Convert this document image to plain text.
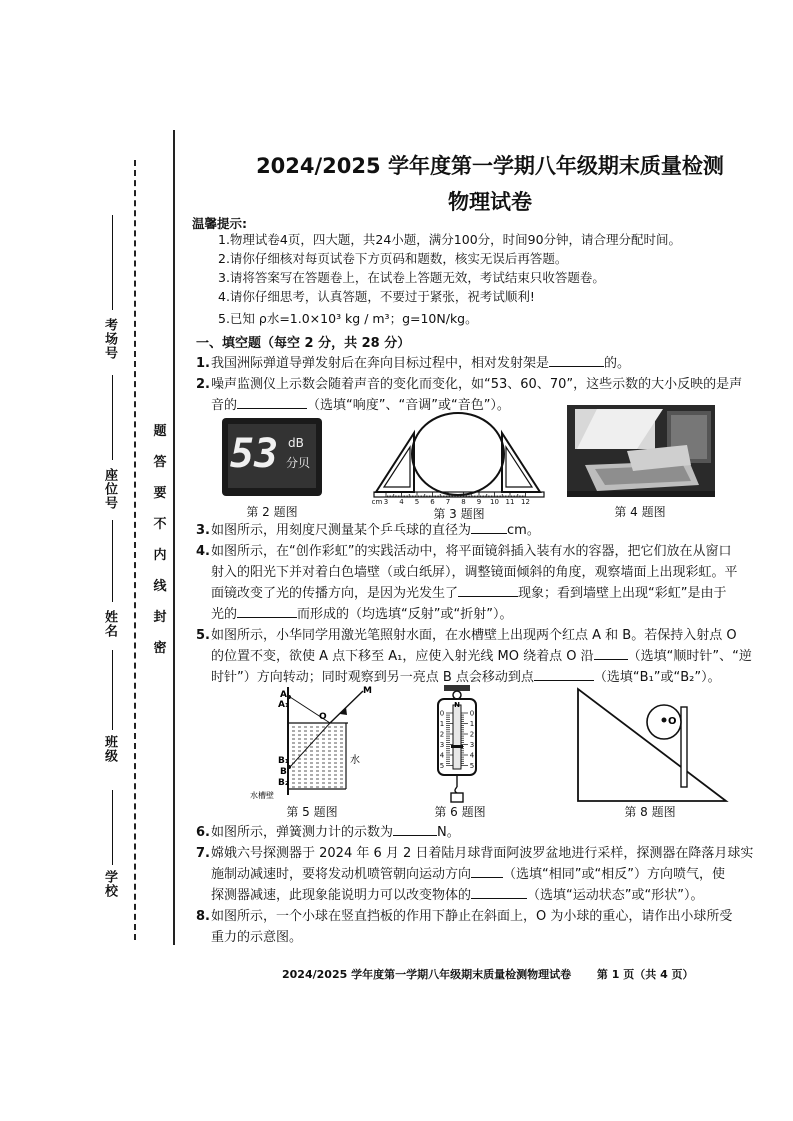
考场号
座位号
姓名
班级
学校
题
答
要
不
内
线
封
密
2024/2025 学年度第一学期八年级期末质量检测
物理试卷
温馨提示:

1.物理试卷4页，四大题，共24小题，满分100分，时间90分钟，请合理分配时间。

2.请你仔细核对每页试卷下方页码和题数，核实无误后再答题。

3.请将答案写在答题卷上，在试卷上答题无效，考试结束只收答题卷。

4.请你仔细思考，认真答题，不要过于紧张，祝考试顺利!

5.已知 ρ水=1.0×10³ kg / m³；g=10N/kg。

一、填空题（每空 2 分，共 28 分）
1.我国洲际弹道导弹发射后在奔向目标过程中，相对发射架是	的。
2.噪声监测仪上示数会随着声音的变化而变化，如“53、60、70”，这些示数的大小反映的是声
音的	（选填“响度”、“音调”或“音色”）。
53 dB
分贝
第 2 题图
3 4 5 6 7 8 9 10 11 12
cm
第 3 题图	第 4 题图
3.如图所示，用刻度尺测量某个乒乓球的直径为	cm。
4.如图所示，在“创作彩虹”的实践活动中，将平面镜斜插入装有水的容器，把它们放在从窗口
射入的阳光下并对着白色墙壁（或白纸屏），调整镜面倾斜的角度，观察墙面上出现彩虹。平
面镜改变了光的传播方向，是因为光发生了	现象；看到墙壁上出现“彩虹”是由于
光的	而形成的（均选填“反射”或“折射”）。
5.如图所示，小华同学用激光笔照射水面，在水槽壁上出现两个红点 A 和 B。若保持入射点 O
的位置不变，欲使 A 点下移至 A₁，应使入射光线 MO 绕着点 O 沿	（选填“顺时针”、“逆
时针”）方向转动；同时观察到另一亮点 B 点会移动到点	（选填“B₁”或“B₂”）。
A
A₁
O
M
B₁
B
B₂
水
水槽壁
第 5 题图
N
0
1
2
3
4
5
0
1
2
3
4
5
第 6 题图
O
第 8 题图
6.如图所示，弹簧测力计的示数为	N。
7.嫦娥六号探测器于 2024 年 6 月 2 日着陆月球背面阿波罗盆地进行采样，探测器在降落月球实
施制动减速时，要将发动机喷管朝向运动方向 （选填“相同”或“相反”）方向喷气，使
探测器减速，此现象能说明力可以改变物体的	（选填“运动状态”或“形状”）。
8.如图所示，一个小球在竖直挡板的作用下静止在斜面上，O 为小球的重心，请作出小球所受
重力的示意图。
2024/2025 学年度第一学期八年级期末质量检测物理试卷 第 1 页（共 4 页）
